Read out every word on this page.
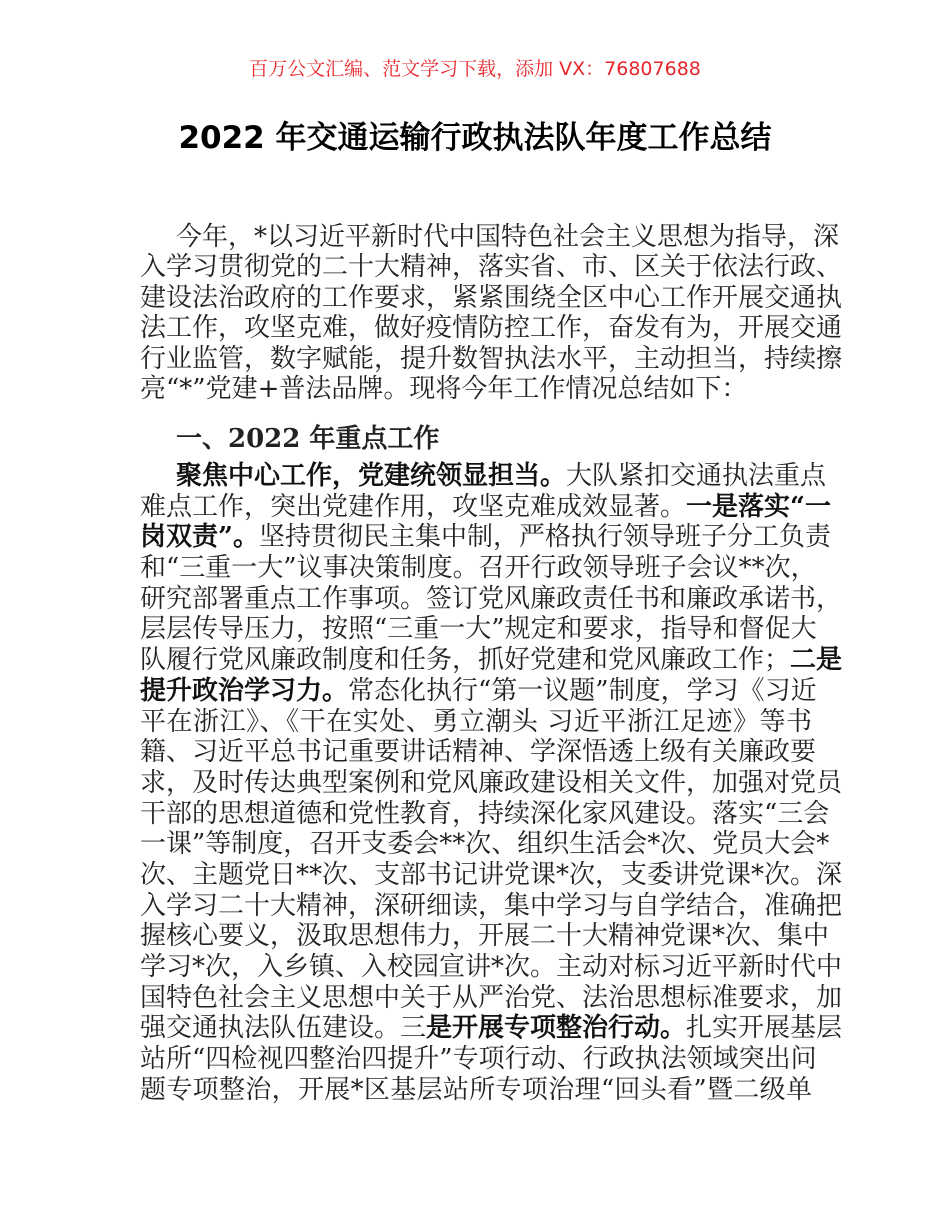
百万公文汇编、范文学习下载，添加 VX：76807688
2022 年交通运输行政执法队年度工作总结
今年，*以习近平新时代中国特色社会主义思想为指导，深
入学习贯彻党的二十大精神，落实省、市、区关于依法行政、
建设法治政府的工作要求，紧紧围绕全区中心工作开展交通执
法工作，攻坚克难，做好疫情防控工作，奋发有为，开展交通
行业监管，数字赋能，提升数智执法水平，主动担当，持续擦
亮“*”党建+普法品牌。现将今年工作情况总结如下：
一、2022 年重点工作
聚焦中心工作，党建统领显担当。大队紧扣交通执法重点
难点工作，突出党建作用，攻坚克难成效显著。一是落实“一
岗双责”。坚持贯彻民主集中制，严格执行领导班子分工负责
和“三重一大”议事决策制度。召开行政领导班子会议**次，
研究部署重点工作事项。签订党风廉政责任书和廉政承诺书，
层层传导压力，按照“三重一大”规定和要求，指导和督促大
队履行党风廉政制度和任务，抓好党建和党风廉政工作；二是
提升政治学习力。常态化执行“第一议题”制度，学习《习近
平在浙江》、《干在实处、勇立潮头 习近平浙江足迹》等书
籍、习近平总书记重要讲话精神、学深悟透上级有关廉政要
求，及时传达典型案例和党风廉政建设相关文件，加强对党员
干部的思想道德和党性教育，持续深化家风建设。落实“三会
一课”等制度，召开支委会**次、组织生活会*次、党员大会*
次、主题党日**次、支部书记讲党课*次，支委讲党课*次。深
入学习二十大精神，深研细读，集中学习与自学结合，准确把
握核心要义，汲取思想伟力，开展二十大精神党课*次、集中
学习*次，入乡镇、入校园宣讲*次。主动对标习近平新时代中
国特色社会主义思想中关于从严治党、法治思想标准要求，加
强交通执法队伍建设。三是开展专项整治行动。扎实开展基层
站所“四检视四整治四提升”专项行动、行政执法领域突出问
题专项整治，开展*区基层站所专项治理“回头看”暨二级单
